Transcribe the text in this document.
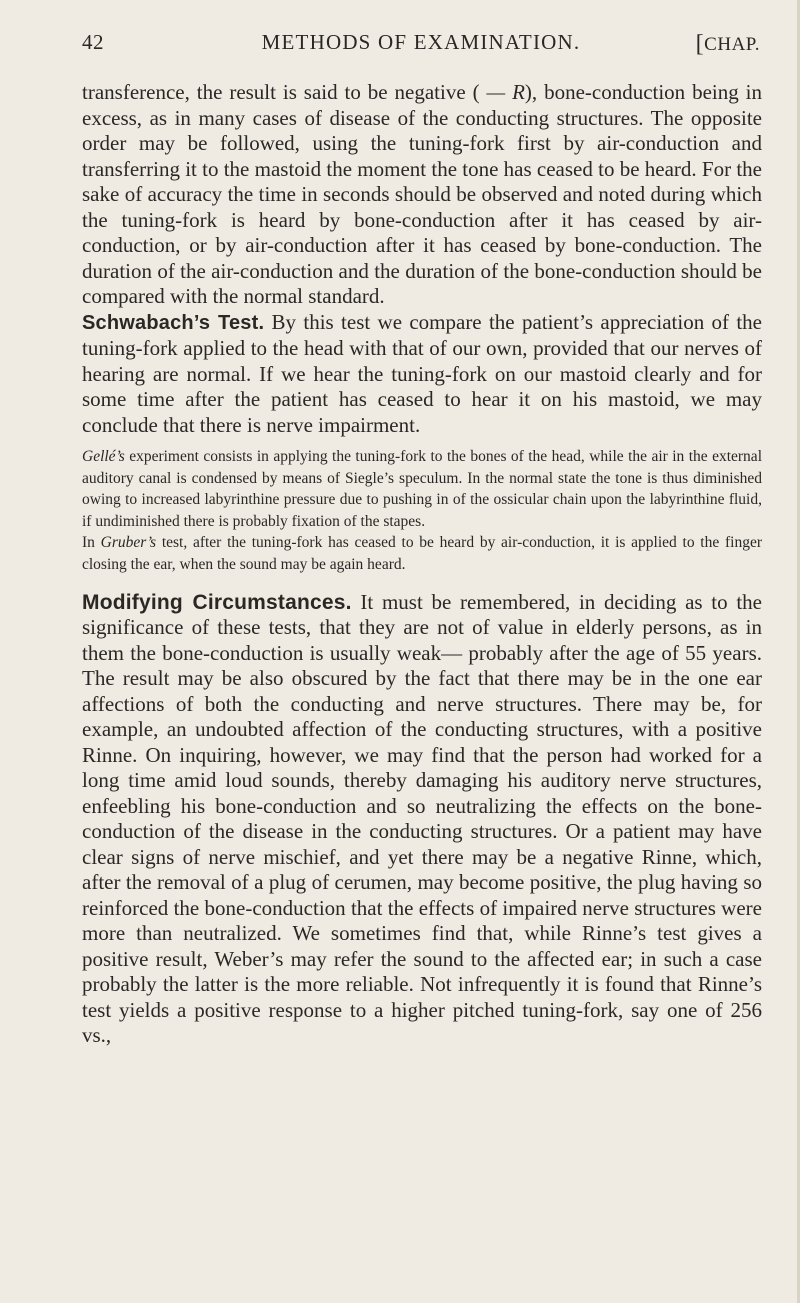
42	METHODS OF EXAMINATION.	[CHAP.

transference, the result is said to be negative ( — R), bone-conduction being in excess, as in many cases of disease of the conducting structures. The opposite order may be followed, using the tuning-fork first by air-conduction and transferring it to the mastoid the moment the tone has ceased to be heard. For the sake of accuracy the time in seconds should be observed and noted during which the tuning-fork is heard by bone-conduction after it has ceased by air-conduction, or by air-conduction after it has ceased by bone-conduction. The duration of the air-conduction and the duration of the bone-conduction should be compared with the normal standard.

Schwabach’s Test. By this test we compare the patient’s appreciation of the tuning-fork applied to the head with that of our own, provided that our nerves of hearing are normal. If we hear the tuning-fork on our mastoid clearly and for some time after the patient has ceased to hear it on his mastoid, we may conclude that there is nerve impairment.

Gellé’s experiment consists in applying the tuning-fork to the bones of the head, while the air in the external auditory canal is condensed by means of Siegle’s speculum. In the normal state the tone is thus diminished owing to increased labyrinthine pressure due to pushing in of the ossicular chain upon the labyrinthine fluid, if undiminished there is probably fixation of the stapes.

In Gruber’s test, after the tuning-fork has ceased to be heard by air-conduction, it is applied to the finger closing the ear, when the sound may be again heard.

Modifying Circumstances. It must be remembered, in deciding as to the significance of these tests, that they are not of value in elderly persons, as in them the bone-conduction is usually weak— probably after the age of 55 years. The result may be also obscured by the fact that there may be in the one ear affections of both the conducting and nerve structures. There may be, for example, an undoubted affection of the conducting structures, with a positive Rinne. On inquiring, however, we may find that the person had worked for a long time amid loud sounds, thereby damaging his auditory nerve structures, enfeebling his bone-conduction and so neutralizing the effects on the bone-conduction of the disease in the conducting structures. Or a patient may have clear signs of nerve mischief, and yet there may be a negative Rinne, which, after the removal of a plug of cerumen, may become positive, the plug having so reinforced the bone-conduction that the effects of impaired nerve structures were more than neutralized. We sometimes find that, while Rinne’s test gives a positive result, Weber’s may refer the sound to the affected ear; in such a case probably the latter is the more reliable. Not infrequently it is found that Rinne’s test yields a positive response to a higher pitched tuning-fork, say one of 256 vs.,
